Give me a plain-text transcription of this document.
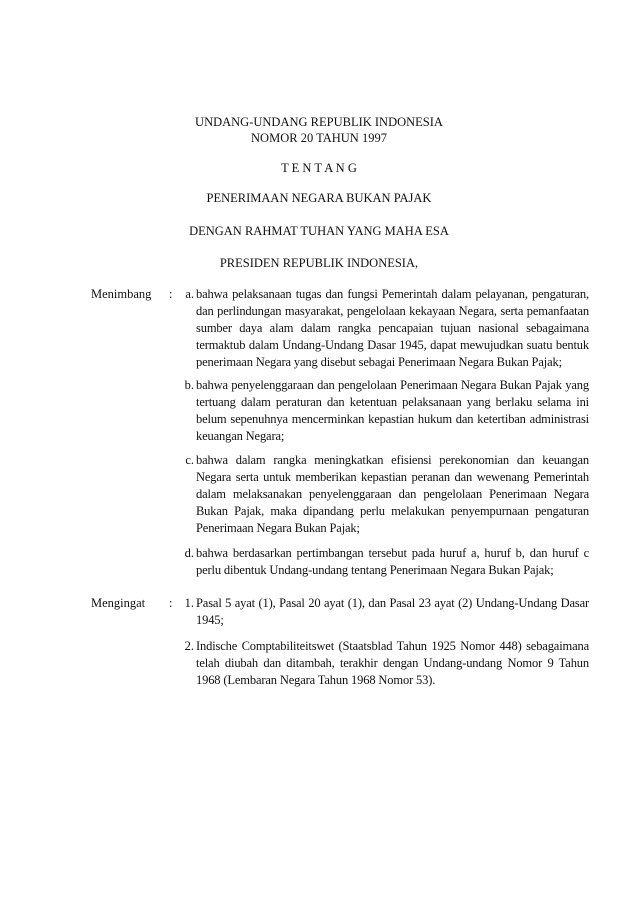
UNDANG-UNDANG REPUBLIK INDONESIA
NOMOR 20 TAHUN 1997
T E N T A N G
PENERIMAAN NEGARA BUKAN PAJAK
DENGAN RAHMAT TUHAN YANG MAHA ESA
PRESIDEN REPUBLIK INDONESIA,
Menimbang :	a. bahwa pelaksanaan tugas dan fungsi Pemerintah dalam pelayanan, pengaturan, dan perlindungan masyarakat, pengelolaan kekayaan Negara, serta pemanfaatan sumber daya alam dalam rangka pencapaian tujuan nasional sebagaimana termaktub dalam Undang-Undang Dasar 1945, dapat mewujudkan suatu bentuk penerimaan Negara yang disebut sebagai Penerimaan Negara Bukan Pajak;
b. bahwa penyelenggaraan dan pengelolaan Penerimaan Negara Bukan Pajak yang tertuang dalam peraturan dan ketentuan pelaksanaan yang berlaku selama ini belum sepenuhnya mencerminkan kepastian hukum dan ketertiban administrasi keuangan Negara;
c. bahwa dalam rangka meningkatkan efisiensi perekonomian dan keuangan Negara serta untuk memberikan kepastian peranan dan wewenang Pemerintah dalam melaksanakan penyelenggaraan dan pengelolaan Penerimaan Negara Bukan Pajak, maka dipandang perlu melakukan penyempurnaan pengaturan Penerimaan Negara Bukan Pajak;
d. bahwa berdasarkan pertimbangan tersebut pada huruf a, huruf b, dan huruf c perlu dibentuk Undang-undang tentang Penerimaan Negara Bukan Pajak;
Mengingat : 1. Pasal 5 ayat (1), Pasal 20 ayat (1), dan Pasal 23 ayat (2) Undang-Undang Dasar 1945;
2. Indische Comptabiliteitswet (Staatsblad Tahun 1925 Nomor 448) sebagaimana telah diubah dan ditambah, terakhir dengan Undang-undang Nomor 9 Tahun 1968 (Lembaran Negara Tahun 1968 Nomor 53).
